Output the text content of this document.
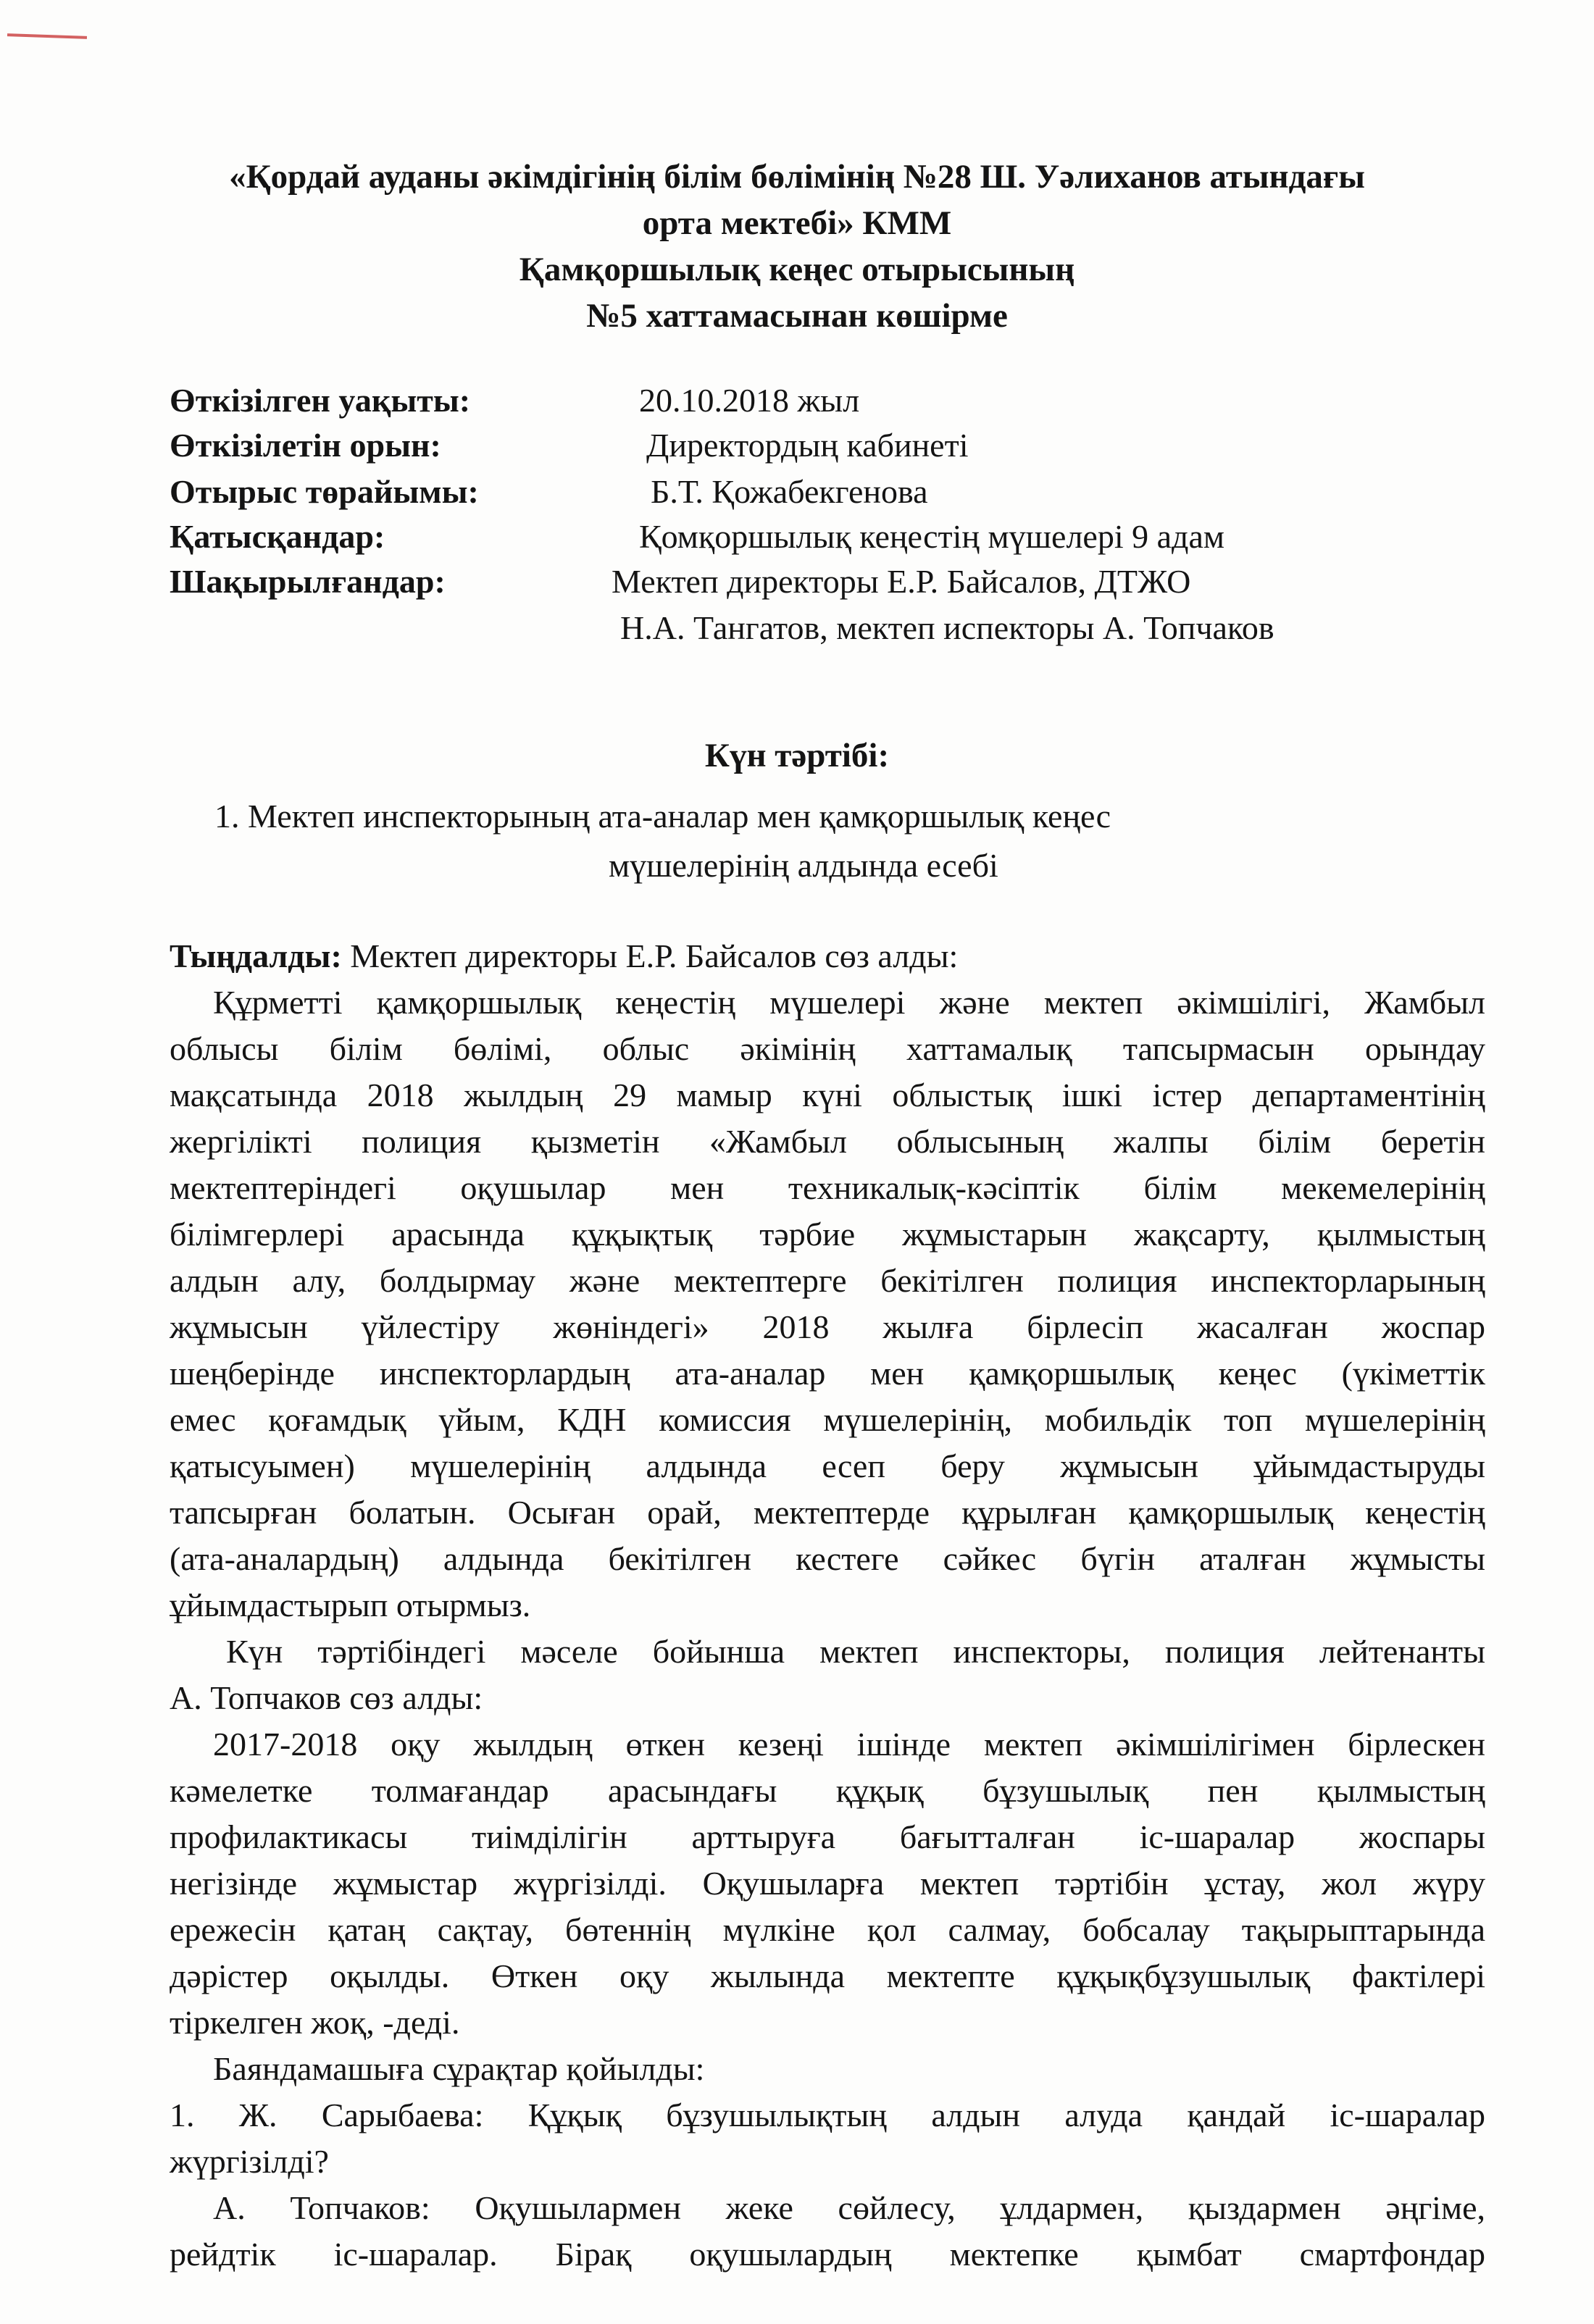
«Қордай ауданы әкімдігінің білім бөлімінің №28 Ш. Уәлиханов атындағы
орта мектебі» КММ
Қамқоршылық кеңес отырысының
№5 хаттамасынан көшірме
Өткізілген уақыты:	20.10.2018 жыл
Өткізілетін орын:	Директордың кабинеті
Отырыс төрайымы:	Б.Т. Қожабекгенова
Қатысқандар:	Қомқоршылық кеңестің мүшелері 9 адам
Шақырылғандар:	Мектеп директоры Е.Р. Байсалов, ДТЖО
Н.А. Тангатов, мектеп испекторы А. Топчаков
Күн тәртібі:
1. Мектеп инспекторының ата-аналар мен қамқоршылық кеңес
мүшелерінің алдында есебі
Тыңдалды: Мектеп директоры Е.Р. Байсалов сөз алды:
Құрметті қамқоршылық кеңестің мүшелері және мектеп әкімшілігі, Жамбыл
облысы білім бөлімі, облыс әкімінің хаттамалық тапсырмасын орындау
мақсатында 2018 жылдың 29 мамыр күні облыстық ішкі істер департаментінің
жергілікті полиция қызметін «Жамбыл облысының жалпы білім беретін
мектептеріндегі оқушылар мен техникалық-кәсіптік білім мекемелерінің
білімгерлері арасында құқықтық тәрбие жұмыстарын жақсарту, қылмыстың
алдын алу, болдырмау және мектептерге бекітілген полиция инспекторларының
жұмысын үйлестіру жөніндегі» 2018 жылға бірлесіп жасалған жоспар
шеңберінде инспекторлардың ата-аналар мен қамқоршылық кеңес (үкіметтік
емес қоғамдық үйым, КДН комиссия мүшелерінің, мобильдік топ мүшелерінің
қатысуымен) мүшелерінің алдында есеп беру жұмысын ұйымдастыруды
тапсырған болатын. Осыған орай, мектептерде құрылған қамқоршылық кеңестің
(ата-аналардың) алдында бекітілген кестеге сәйкес бүгін аталған жұмысты
ұйымдастырып отырмыз.
Күн тәртібіндегі мәселе бойынша мектеп инспекторы, полиция лейтенанты
А. Топчаков сөз алды:
2017-2018 оқу жылдың өткен кезеңі ішінде мектеп әкімшілігімен бірлескен
кәмелетке толмағандар арасындағы құқық бұзушылық пен қылмыстың
профилактикасы тиімділігін арттыруға бағытталған іс-шаралар жоспары
негізінде жұмыстар жүргізілді. Оқушыларға мектеп тәртібін ұстау, жол жүру
ережесін қатаң сақтау, бөтеннің мүлкіне қол салмау, бобсалау тақырыптарында
дәрістер оқылды. Өткен оқу жылында мектепте құқықбұзушылық фактілері
тіркелген жоқ, -деді.
Баяндамашыға сұрақтар қойылды:
1. Ж. Сарыбаева: Құқық бұзушылықтың алдын алуда қандай іс-шаралар
жүргізілді?
А. Топчаков: Оқушылармен жеке сөйлесу, ұлдармен, қыздармен әңгіме,
рейдтік іс-шаралар. Бірақ оқушылардың мектепке қымбат смартфондар
